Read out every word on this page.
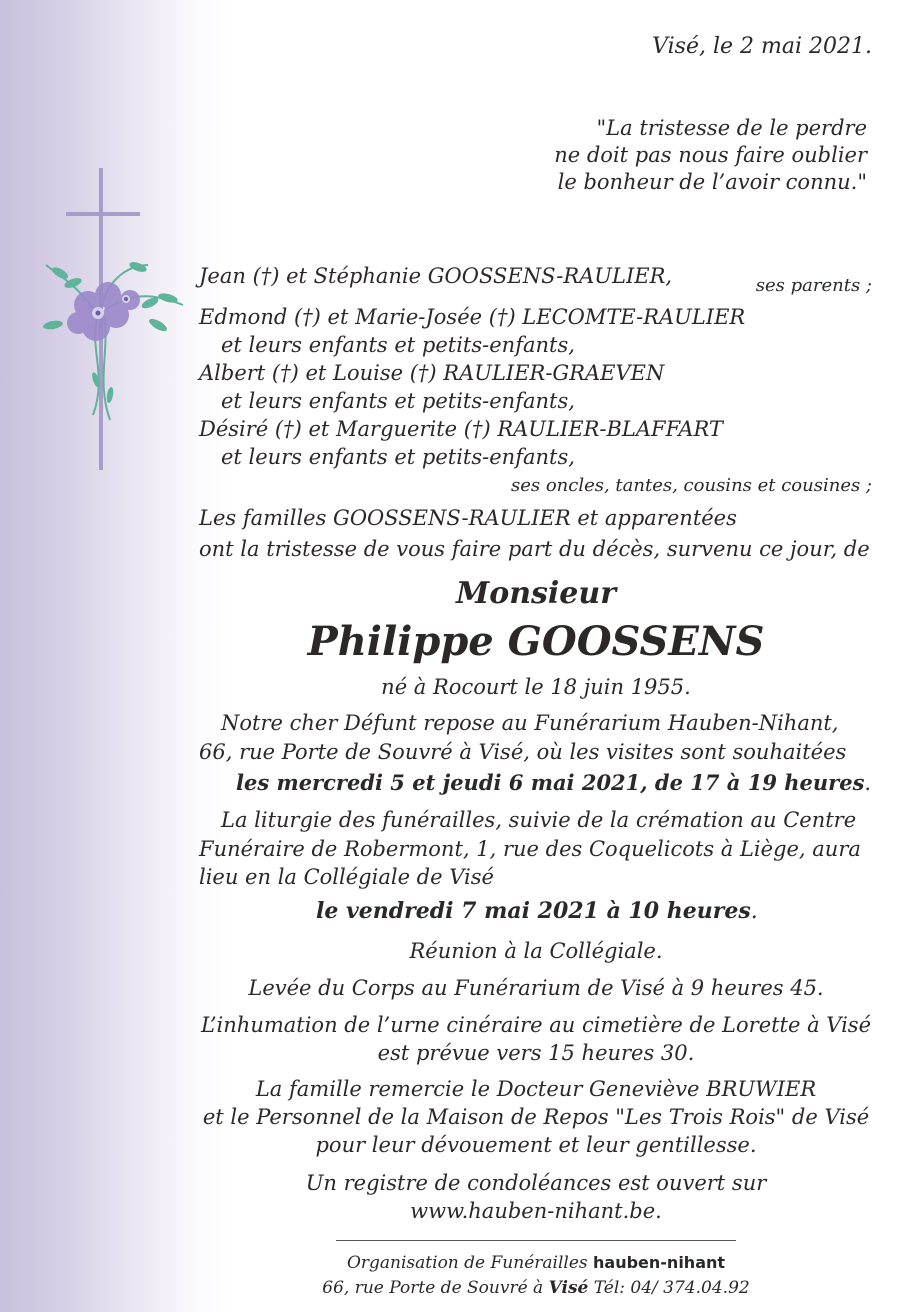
Visé, le 2 mai 2021.
"La tristesse de le perdre
ne doit pas nous faire oublier
le bonheur de l’avoir connu."
Jean (†) et Stéphanie GOOSSENS-RAULIER,	ses parents ;
Edmond (†) et Marie-Josée (†) LECOMTE-RAULIER
et leurs enfants et petits-enfants,
Albert (†) et Louise (†) RAULIER-GRAEVEN
et leurs enfants et petits-enfants,
Désiré (†) et Marguerite (†) RAULIER-BLAFFART
et leurs enfants et petits-enfants,
ses oncles, tantes, cousins et cousines ;
Les familles GOOSSENS-RAULIER et apparentées
ont la tristesse de vous faire part du décès, survenu ce jour, de
Monsieur
Philippe GOOSSENS
né à Rocourt le 18 juin 1955.
Notre cher Défunt repose au Funérarium Hauben-Nihant,
66, rue Porte de Souvré à Visé, où les visites sont souhaitées
les mercredi 5 et jeudi 6 mai 2021, de 17 à 19 heures.
La liturgie des funérailles, suivie de la crémation au Centre
Funéraire de Robermont, 1, rue des Coquelicots à Liège, aura
lieu en la Collégiale de Visé
le vendredi 7 mai 2021 à 10 heures.
Réunion à la Collégiale.
Levée du Corps au Funérarium de Visé à 9 heures 45.
L’inhumation de l’urne cinéraire au cimetière de Lorette à Visé
est prévue vers 15 heures 30.
La famille remercie le Docteur Geneviève BRUWIER
et le Personnel de la Maison de Repos "Les Trois Rois" de Visé
pour leur dévouement et leur gentillesse.
Un registre de condoléances est ouvert sur
www.hauben-nihant.be.
Organisation de Funérailles hauben-nihant
66, rue Porte de Souvré à Visé Tél: 04/ 374.04.92
